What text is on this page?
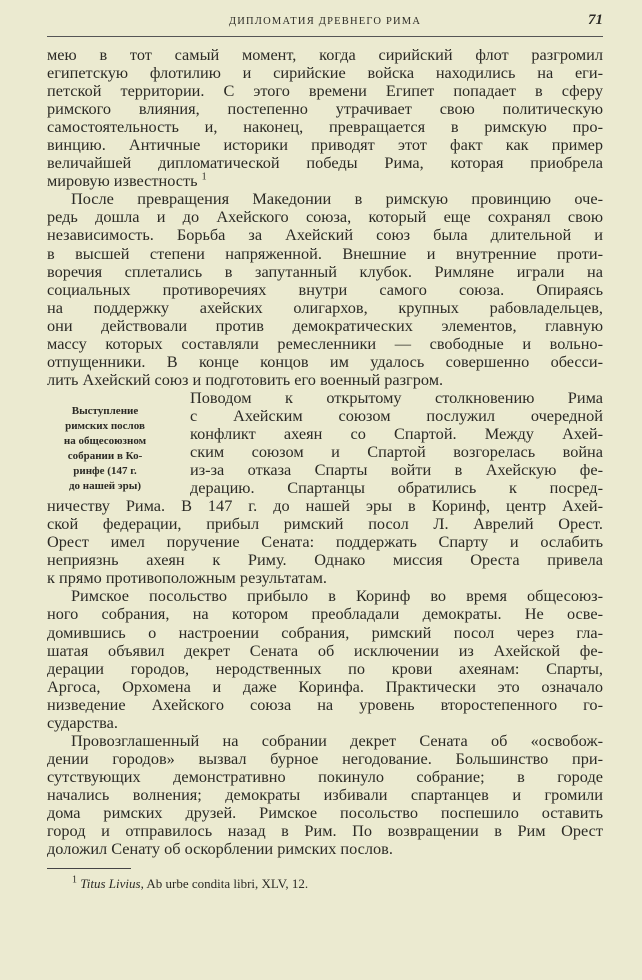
ДИПЛОМАТИЯ ДРЕВНЕГО РИМА	71
мею в тот самый момент, когда сирийский флот разгромил
египетскую флотилию и сирийские войска находились на еги-
петской территории. С этого времени Египет попадает в сферу
римского влияния, постепенно утрачивает свою политическую
самостоятельность и, наконец, превращается в римскую про-
винцию. Античные историки приводят этот факт как пример
величайшей дипломатической победы Рима, которая приобрела
мировую известность $^1$
После превращения Македонии в римскую провинцию оче-
редь дошла и до Ахейского союза, который еще сохранял свою
независимость. Борьба за Ахейский союз была длительной и
в высшей степени напряженной. Внешние и внутренние проти-
воречия сплетались в запутанный клубок. Римляне играли на
социальных противоречиях внутри самого союза. Опираясь
на поддержку ахейских олигархов, крупных рабовладельцев,
они действовали против демократических элементов, главную
массу которых составляли ремесленники — свободные и вольно-
отпущенники. В конце концов им удалось совершенно обесси-
лить Ахейский союз и подготовить его военный разгром.
Поводом к открытому столкновению Рима
с Ахейским союзом послужил очередной
конфликт ахеян со Спартой. Между Ахей-
ским союзом и Спартой возгорелась война
из-за отказа Спарты войти в Ахейскую фе-
дерацию. Спартанцы обратились к посред-
ничеству Рима. В 147 г. до нашей эры в Коринф, центр Ахей-
ской федерации, прибыл римский посол Л. Аврелий Орест.
Орест имел поручение Сената: поддержать Спарту и ослабить
неприязнь ахеян к Риму. Однако миссия Ореста привела
к прямо противоположным результатам.
Римское посольство прибыло в Коринф во время общесоюз-
ного собрания, на котором преобладали демократы. Не осве-
домившись о настроении собрания, римский посол через гла-
шатая объявил декрет Сената об исключении из Ахейской фе-
дерации городов, неродственных по крови ахеянам: Спарты,
Аргоса, Орхомена и даже Коринфа. Практически это означало
низведение Ахейского союза на уровень второстепенного го-
сударства.
Провозглашенный на собрании декрет Сената об «освобож-
дении городов» вызвал бурное негодование. Большинство при-
сутствующих демонстративно покинуло собрание; в городе
начались волнения; демократы избивали спартанцев и громили
дома римских друзей. Римское посольство поспешило оставить
город и отправилось назад в Рим. По возвращении в Рим Орест
доложил Сенату об оскорблении римских послов.
Выступление
римских послов
на общесоюзном
собрании в Ко-
ринфе (147 г.
до нашей эры)
$^1$ Titus Livius, Ab urbe condita libri, XLV, 12.
